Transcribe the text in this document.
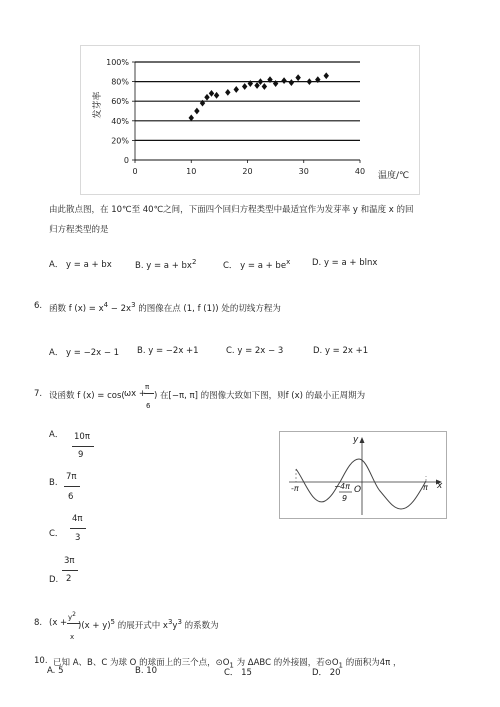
0
20%
40%
60%
80%
100%
0	10	20	30	40
发芽率
温度/℃
由此散点图，在 10℃至 40℃之间，下面四个回归方程类型中最适宜作为发芽率 y 和温度 x 的回
归方程类型的是
A． y = a + bx	B. $y = a + bx^2$	C． $y = a + be^x$	D. y = a + blnx
6. 函数 f $(x) = x^4 - 2x^3$ 的图像在点 (1, f (1)) 处的切线方程为
A． y = −2x − 1 B. y = −2x +1	C. y = 2x − 3	D. y = 2x +1
7. 设函数 f (x) = cos( ωx +
π
6
) 在[−π, π] 的图像大致如下图，则f (x) 的最小正周期为
A． 10π
9
B.
7π
6
C．
4π
3
D.
3π
2
y
x
O
-π	π
− 4π
9
8. (x +
$y^2$
x
)$(x + y)^5$ 的展开式中 $x^3y^3$ 的系数为
10. 已知 A、B、C 为球 O 的球面上的三个点，$⊙O_1$ 为 ΔABC 的外接圆，若$⊙O_1$ 的面积为4π ，
A. 5	B. 10	C． 15	D． 20
